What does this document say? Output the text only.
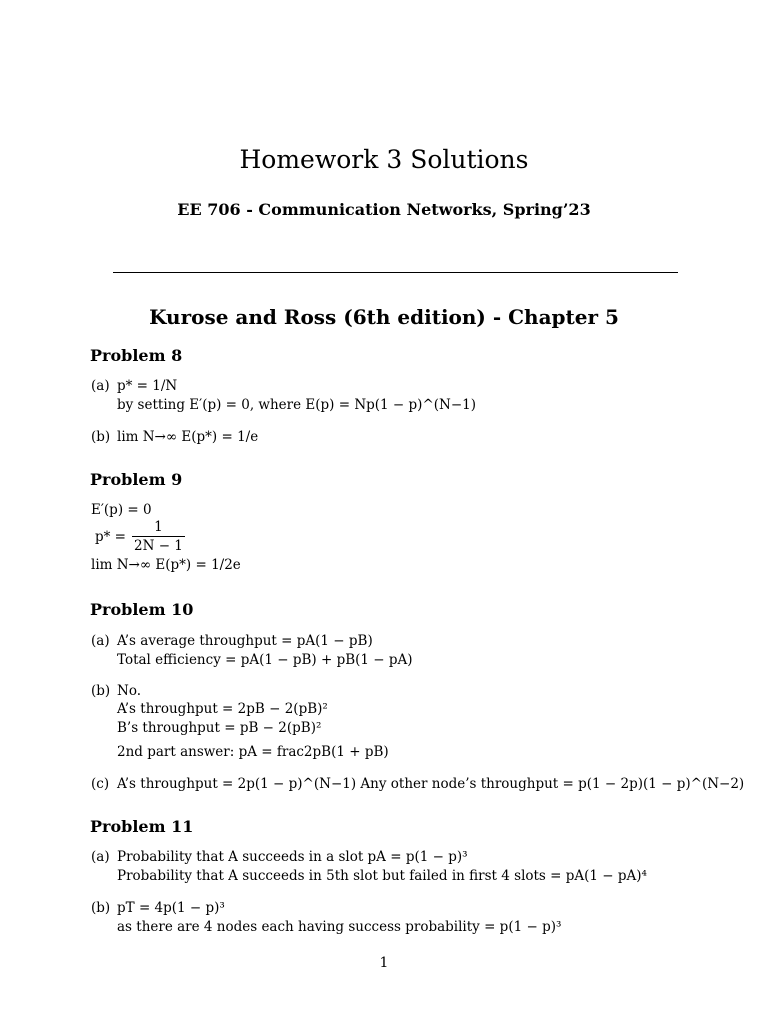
Homework 3 Solutions
EE 706 - Communication Networks, Spring’23
Kurose and Ross (6th edition) - Chapter 5
Problem 8
(a) p* = 1/N
by setting E′(p) = 0, where E(p) = Np(1 − p)^(N−1)
(b) lim N→∞ E(p*) = 1/e
Problem 9
E′(p) = 0
$p* = \frac{1}{2N - 1}$
lim N→∞ E(p*) = 1/2e
Problem 10
(a) A’s average throughput = pA(1 − pB)
Total efficiency = pA(1 − pB) + pB(1 − pA)
(b) No.
A’s throughput = 2pB − 2(pB)²
B’s throughput = pB − 2(pB)²
2nd part answer: pA = frac2pB(1 + pB)
(c) A’s throughput = 2p(1 − p)^(N−1) Any other node’s throughput = p(1 − 2p)(1 − p)^(N−2)
Problem 11
(a) Probability that A succeeds in a slot pA = p(1 − p)³
Probability that A succeeds in 5th slot but failed in first 4 slots = pA(1 − pA)⁴
(b) pT = 4p(1 − p)³
as there are 4 nodes each having success probability = p(1 − p)³
1
